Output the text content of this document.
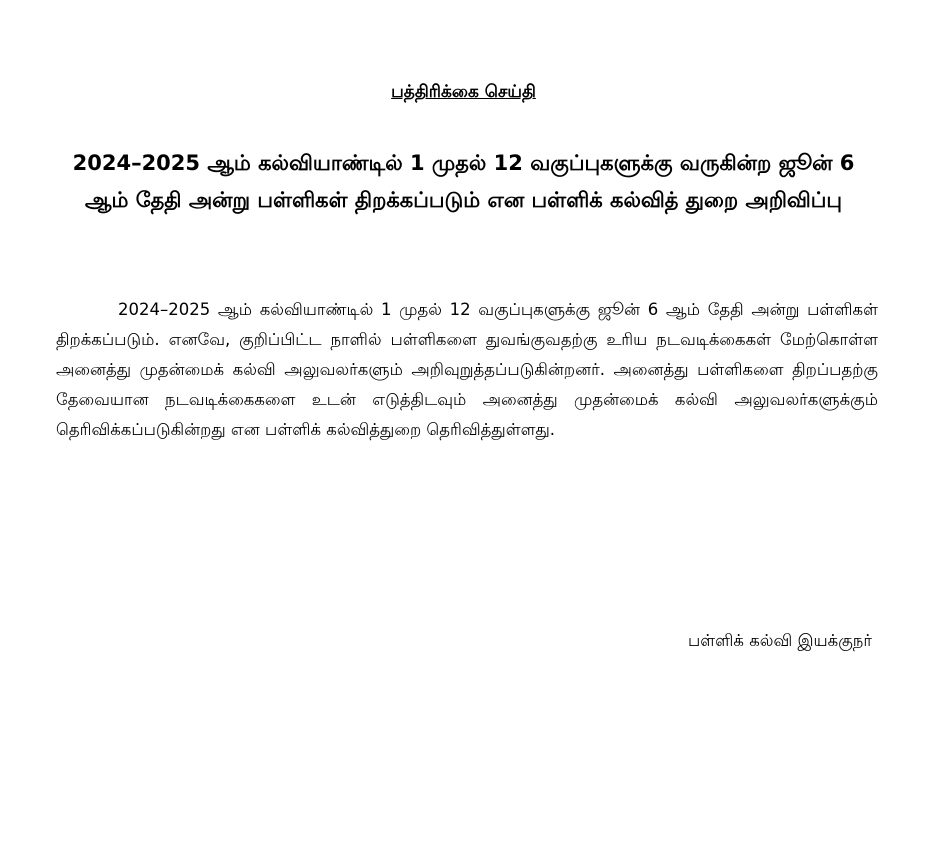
பத்திரிக்கை செய்தி
2024–2025 ஆம் கல்வியாண்டில் 1 முதல் 12 வகுப்புகளுக்கு வருகின்ற ஜூன் 6 ஆம் தேதி அன்று பள்ளிகள் திறக்கப்படும் என பள்ளிக் கல்வித் துறை அறிவிப்பு
2024–2025 ஆம் கல்வியாண்டில் 1 முதல் 12 வகுப்புகளுக்கு ஜூன் 6 ஆம் தேதி அன்று பள்ளிகள் திறக்கப்படும். எனவே, குறிப்பிட்ட நாளில் பள்ளிகளை துவங்குவதற்கு உரிய நடவடிக்கைகள் மேற்கொள்ள அனைத்து முதன்மைக் கல்வி அலுவலர்களும் அறிவுறுத்தப்படுகின்றனர். அனைத்து பள்ளிகளை திறப்பதற்கு தேவையான நடவடிக்கைகளை உடன் எடுத்திடவும் அனைத்து முதன்மைக் கல்வி அலுவலர்களுக்கும் தெரிவிக்கப்படுகின்றது என பள்ளிக் கல்வித்துறை தெரிவித்துள்ளது.
பள்ளிக் கல்வி இயக்குநர்
